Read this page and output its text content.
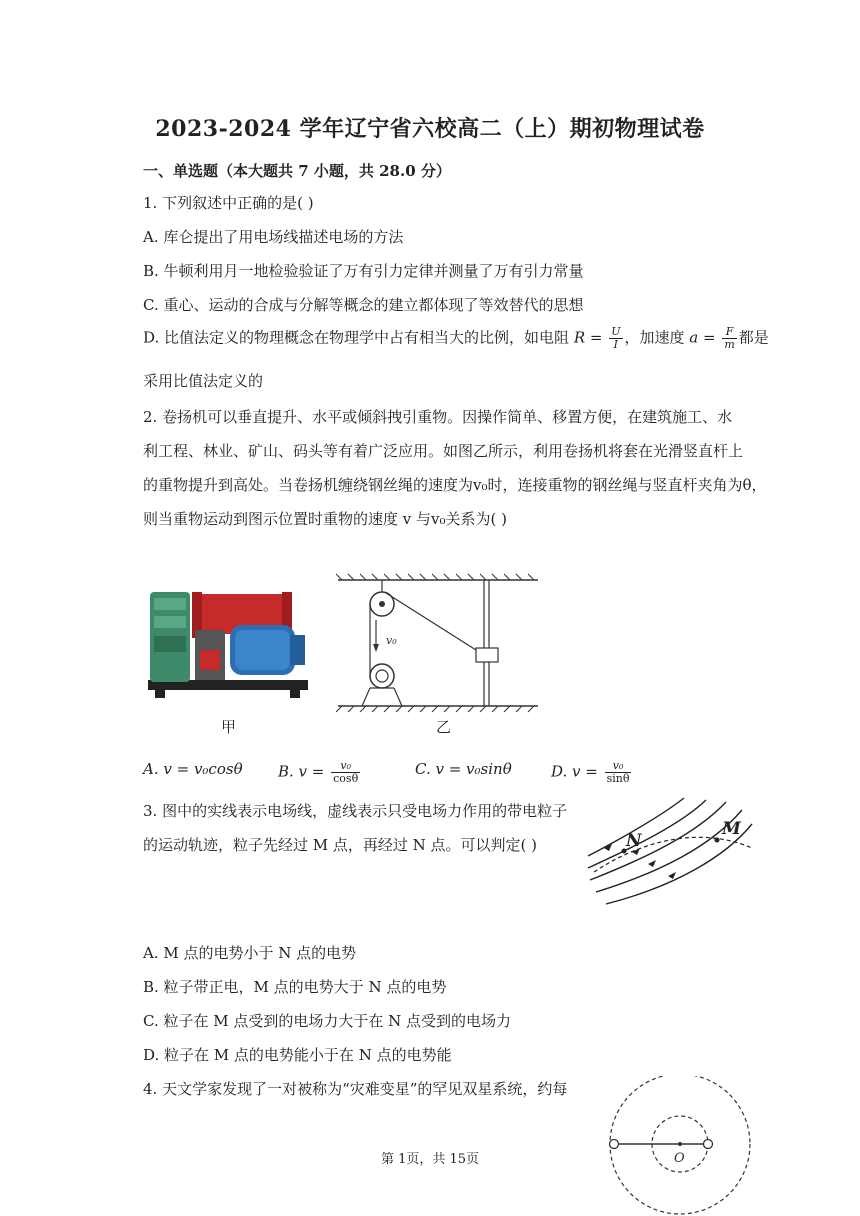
2023-2024 学年辽宁省六校高二（上）期初物理试卷
一、单选题（本大题共 7 小题，共 28.0 分）
1. 下列叙述中正确的是( )
A. 库仑提出了用电场线描述电场的方法
B. 牛顿利用月一地检验验证了万有引力定律并测量了万有引力常量
C. 重心、运动的合成与分解等概念的建立都体现了等效替代的思想
D. 比值法定义的物理概念在物理学中占有相当大的比例，如电阻 $R = \frac{U}{I}$ ，加速度 $a = \frac{F}{m}$ 都是
采用比值法定义的
2. 卷扬机可以垂直提升、水平或倾斜拽引重物。因操作简单、移置方便，在建筑施工、水
利工程、林业、矿山、码头等有着广泛应用。如图乙所示，利用卷扬机将套在光滑竖直杆上
的重物提升到高处。当卷扬机缠绕钢丝绳的速度为v₀时，连接重物的钢丝绳与竖直杆夹角为θ，
则当重物运动到图示位置时重物的速度 v 与v₀关系为( )
甲
v₀
乙
A. v = v₀cosθ B. $v = \frac{\text{v₀}}{\cos\theta}$	C. v = v₀sinθ	D. $v = \frac{\text{v₀}}{\sin\theta}$
3. 图中的实线表示电场线，虚线表示只受电场力作用的带电粒子
的运动轨迹，粒子先经过 M 点，再经过 N 点。可以判定( )	N
M
A. M 点的电势小于 N 点的电势
B. 粒子带正电，M 点的电势大于 N 点的电势
C. 粒子在 M 点受到的电场力大于在 N 点受到的电场力
D. 粒子在 M 点的电势能小于在 N 点的电势能
4. 天文学家发现了一对被称为“灾难变星”的罕见双星系统，约每
O
第 1页，共 15页
